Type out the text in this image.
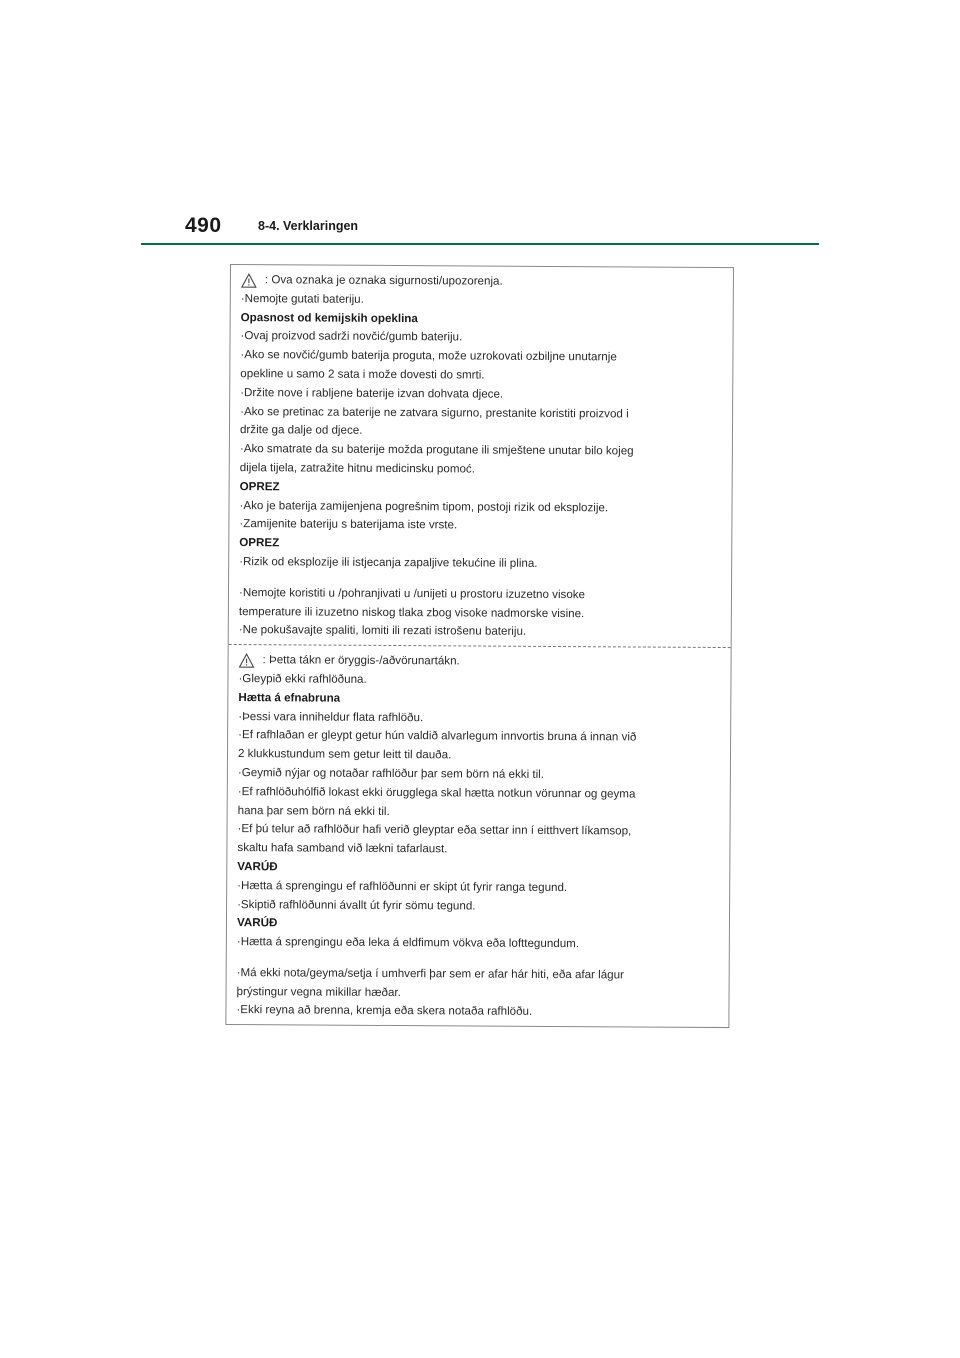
490	8-4. Verklaringen
: Ova oznaka je oznaka sigurnosti/upozorenja.
·Nemojte gutati bateriju.
Opasnost od kemijskih opeklina
·Ovaj proizvod sadrži novčić/gumb bateriju.
·Ako se novčić/gumb baterija proguta, može uzrokovati ozbiljne unutarnje
opekline u samo 2 sata i može dovesti do smrti.
·Držite nove i rabljene baterije izvan dohvata djece.
·Ako se pretinac za baterije ne zatvara sigurno, prestanite koristiti proizvod i
držite ga dalje od djece.
·Ako smatrate da su baterije možda progutane ili smještene unutar bilo kojeg
dijela tijela, zatražite hitnu medicinsku pomoć.
OPREZ
·Ako je baterija zamijenjena pogrešnim tipom, postoji rizik od eksplozije.
·Zamijenite bateriju s baterijama iste vrste.
OPREZ
·Rizik od eksplozije ili istjecanja zapaljive tekućine ili plina.
·Nemojte koristiti u /pohranjivati u /unijeti u prostoru izuzetno visoke
temperature ili izuzetno niskog tlaka zbog visoke nadmorske visine.
·Ne pokušavajte spaliti, lomiti ili rezati istrošenu bateriju.
: Þetta tákn er öryggis-/aðvörunartákn.
·Gleypið ekki rafhlöðuna.
Hætta á efnabruna
·Þessi vara inniheldur flata rafhlöðu.
·Ef rafhlaðan er gleypt getur hún valdið alvarlegum innvortis bruna á innan við
2 klukkustundum sem getur leitt til dauða.
·Geymið nýjar og notaðar rafhlöður þar sem börn ná ekki til.
·Ef rafhlöðuhólfið lokast ekki örugglega skal hætta notkun vörunnar og geyma
hana þar sem börn ná ekki til.
·Ef þú telur að rafhlöður hafi verið gleyptar eða settar inn í eitthvert líkamsop,
skaltu hafa samband við lækni tafarlaust.
VARÚÐ
·Hætta á sprengingu ef rafhlöðunni er skipt út fyrir ranga tegund.
·Skiptið rafhlöðunni ávallt út fyrir sömu tegund.
VARÚÐ
·Hætta á sprengingu eða leka á eldfimum vökva eða lofttegundum.
·Má ekki nota/geyma/setja í umhverfi þar sem er afar hár hiti, eða afar lágur
þrýstingur vegna mikillar hæðar.
·Ekki reyna að brenna, kremja eða skera notaða rafhlöðu.
